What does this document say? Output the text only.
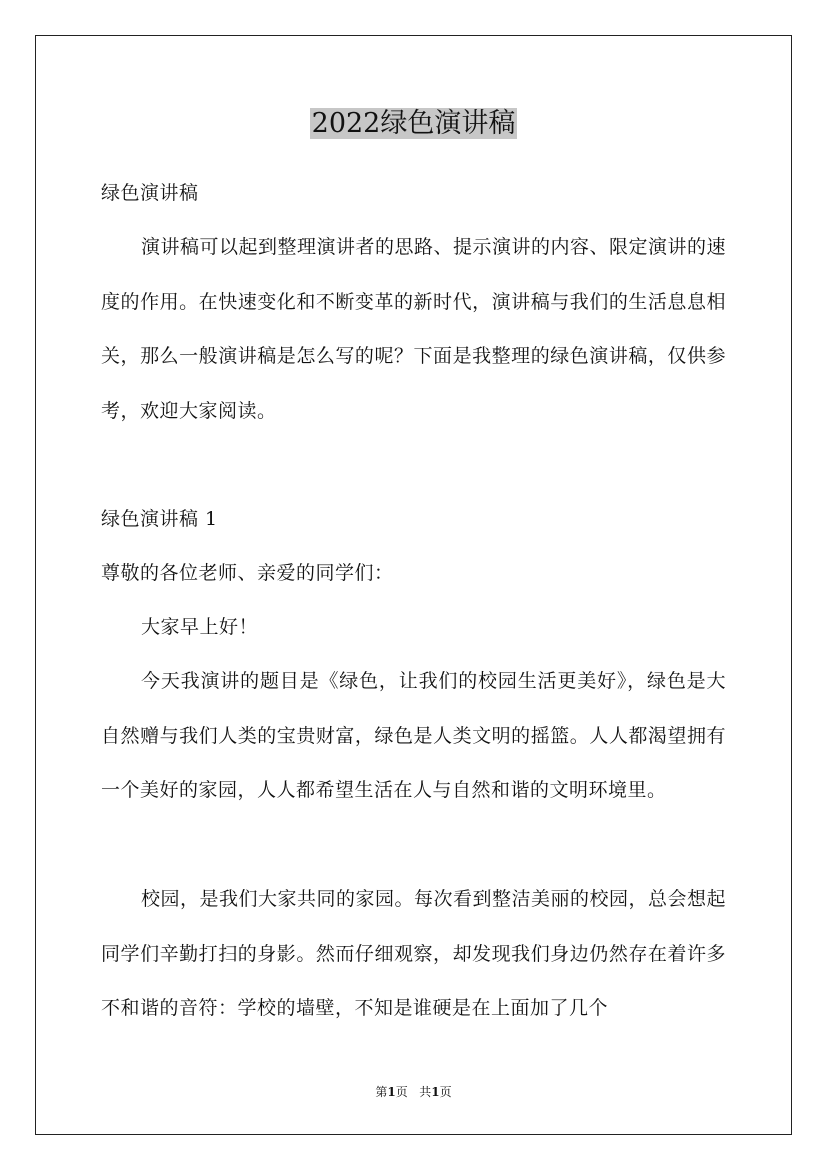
2022绿色演讲稿

绿色演讲稿

演讲稿可以起到整理演讲者的思路、提示演讲的内容、限定演讲的速度的作用。在快速变化和不断变革的新时代，演讲稿与我们的生活息息相关，那么一般演讲稿是怎么写的呢？下面是我整理的绿色演讲稿，仅供参考，欢迎大家阅读。

绿色演讲稿 1

尊敬的各位老师、亲爱的同学们：

大家早上好！

今天我演讲的题目是《绿色，让我们的校园生活更美好》，绿色是大自然赠与我们人类的宝贵财富，绿色是人类文明的摇篮。人人都渴望拥有一个美好的家园，人人都希望生活在人与自然和谐的文明环境里。

校园，是我们大家共同的家园。每次看到整洁美丽的校园，总会想起同学们辛勤打扫的身影。然而仔细观察，却发现我们身边仍然存在着许多不和谐的音符：学校的墙壁，不知是谁硬是在上面加了几个

第1页 共1页
